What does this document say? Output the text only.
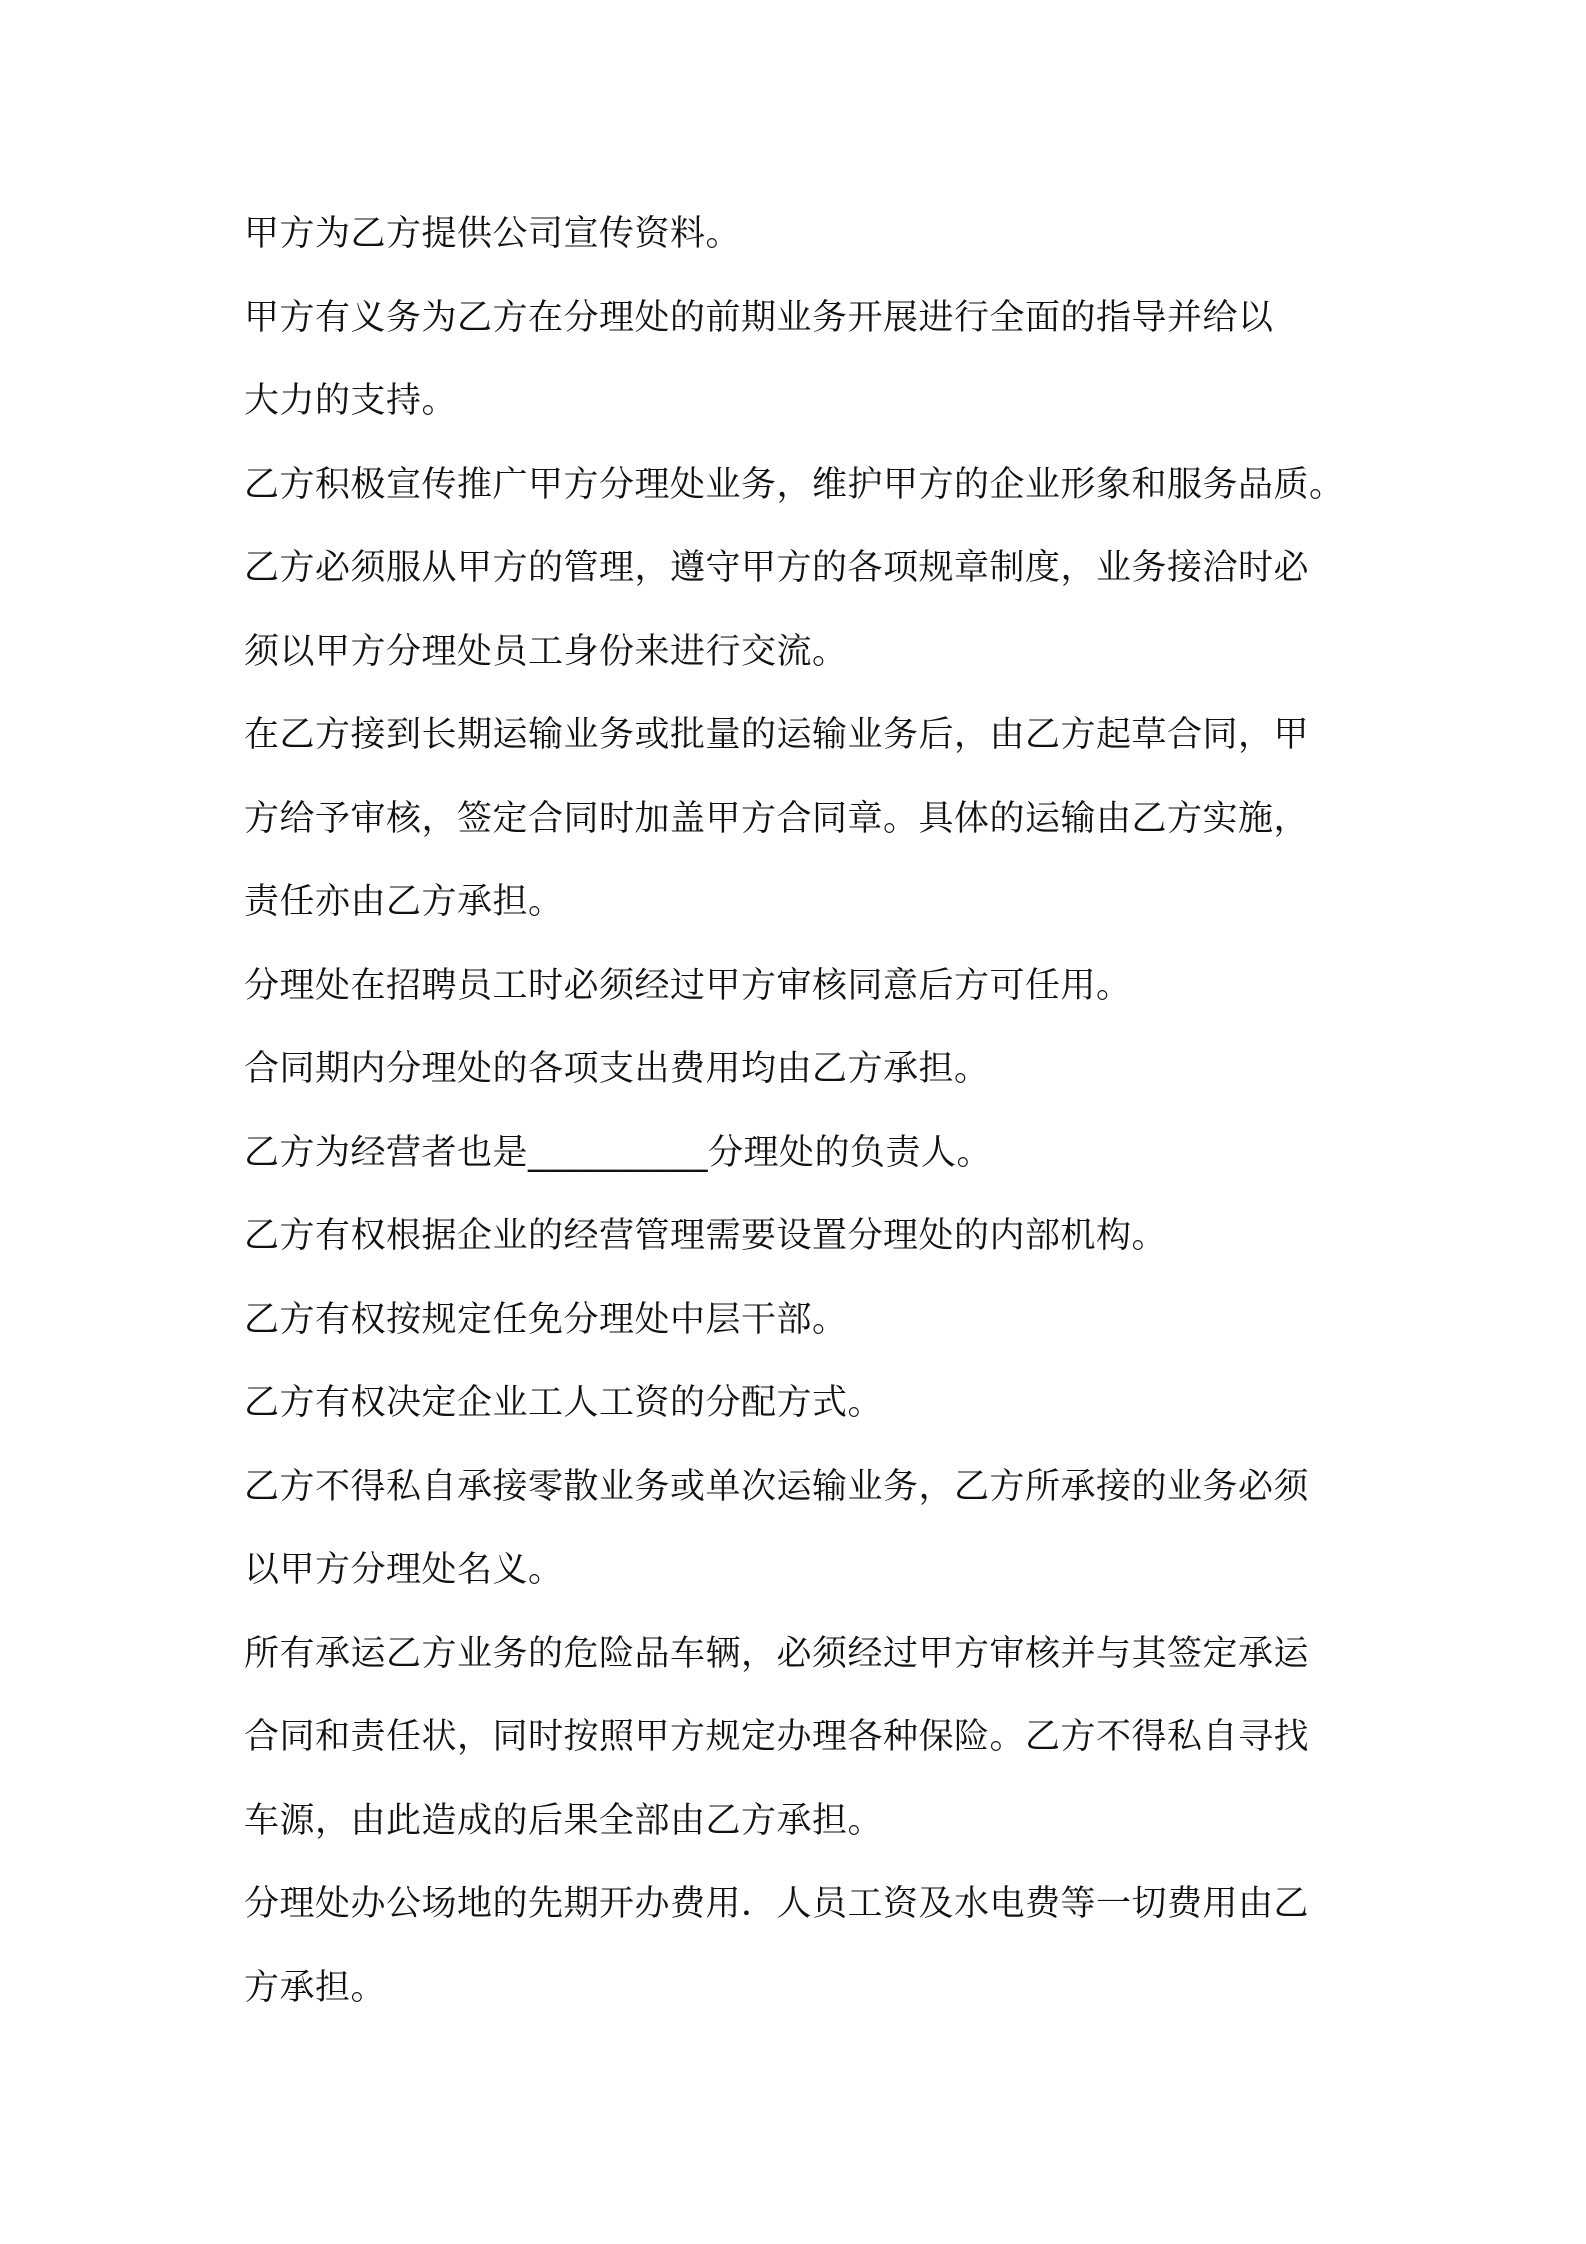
甲方为乙方提供公司宣传资料。
甲方有义务为乙方在分理处的前期业务开展进行全面的指导并给以
大力的支持。
乙方积极宣传推广甲方分理处业务，维护甲方的企业形象和服务品质。
乙方必须服从甲方的管理，遵守甲方的各项规章制度，业务接洽时必
须以甲方分理处员工身份来进行交流。
在乙方接到长期运输业务或批量的运输业务后，由乙方起草合同，甲
方给予审核，签定合同时加盖甲方合同章。具体的运输由乙方实施，
责任亦由乙方承担。
分理处在招聘员工时必须经过甲方审核同意后方可任用。
合同期内分理处的各项支出费用均由乙方承担。
乙方为经营者也是__________分理处的负责人。
乙方有权根据企业的经营管理需要设置分理处的内部机构。
乙方有权按规定任免分理处中层干部。
乙方有权决定企业工人工资的分配方式。
乙方不得私自承接零散业务或单次运输业务，乙方所承接的业务必须
以甲方分理处名义。
所有承运乙方业务的危险品车辆，必须经过甲方审核并与其签定承运
合同和责任状，同时按照甲方规定办理各种保险。乙方不得私自寻找
车源，由此造成的后果全部由乙方承担。
分理处办公场地的先期开办费用．人员工资及水电费等一切费用由乙
方承担。
